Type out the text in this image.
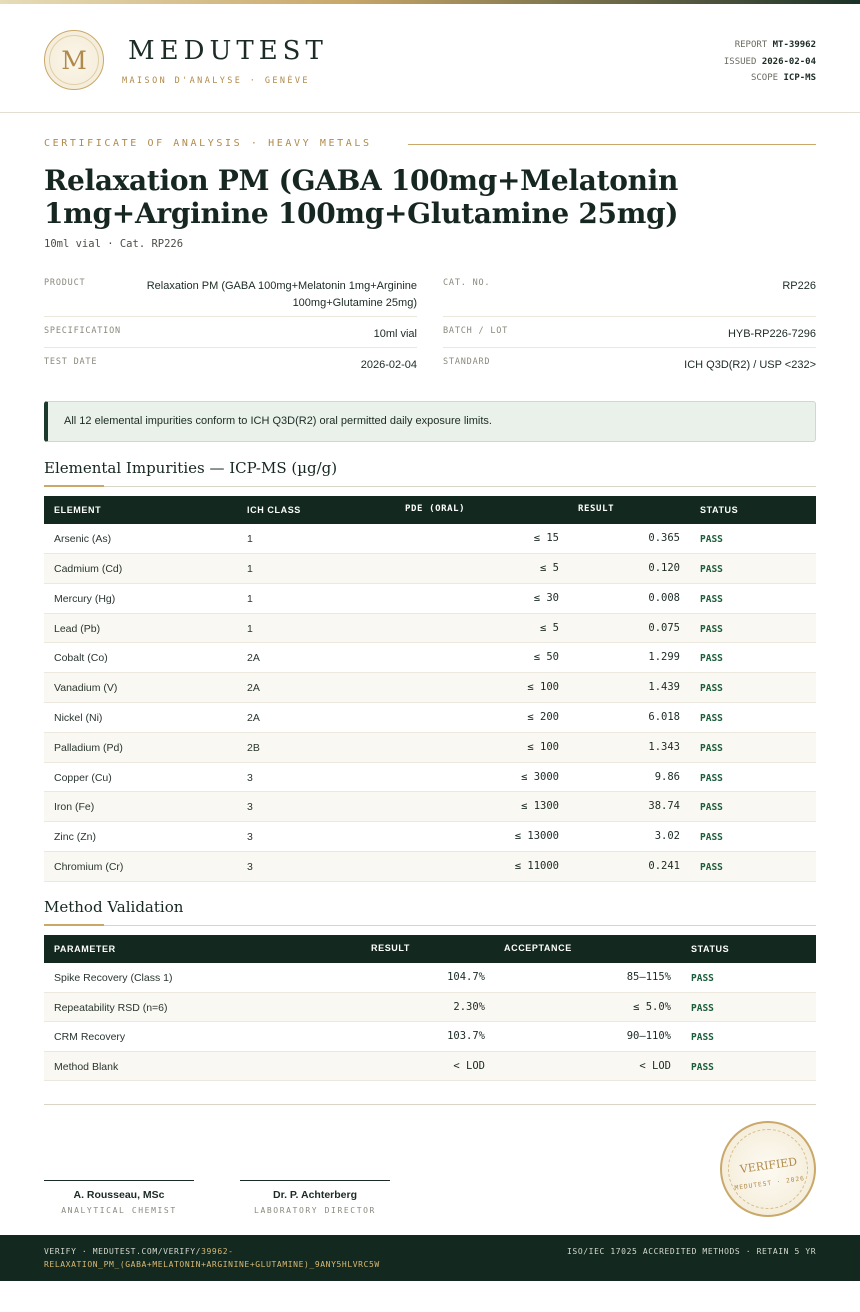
M MEDUTEST
MAISON D'ANALYSE · GENÈVE
REPORT MT-39962
ISSUED 2026-02-04
SCOPE ICP-MS
CERTIFICATE OF ANALYSIS · HEAVY METALS
Relaxation PM (GABA 100mg+Melatonin 1mg+Arginine 100mg+Glutamine 25mg)
10ml vial · Cat. RP226
PRODUCT	Relaxation PM (GABA 100mg+Melatonin 1mg+Arginine 100mg+Glutamine 25mg)
CAT. NO.	RP226
SPECIFICATION	10ml vial	BATCH / LOT	HYB-RP226-7296
TEST DATE	2026-02-04	STANDARD	ICH Q3D(R2) / USP <232>
All 12 elemental impurities conform to ICH Q3D(R2) oral permitted daily exposure limits.
Elemental Impurities — ICP-MS (µg/g)
ELEMENT	ICH CLASS	PDE (ORAL)	RESULT	STATUS
Arsenic (As)	1	≤ 15	0.365 PASS
Cadmium (Cd)	1	≤ 5	0.120 PASS
Mercury (Hg)	1	≤ 30	0.008 PASS
Lead (Pb)	1	≤ 5	0.075 PASS
Cobalt (Co)	2A	≤ 50	1.299 PASS
Vanadium (V)	2A	≤ 100	1.439 PASS
Nickel (Ni)	2A	≤ 200	6.018 PASS
Palladium (Pd)	2B	≤ 100	1.343 PASS
Copper (Cu)	3	≤ 3000	9.86 PASS
Iron (Fe)	3	≤ 1300	38.74 PASS
Zinc (Zn)	3	≤ 13000	3.02 PASS
Chromium (Cr)	3	≤ 11000	0.241 PASS
Method Validation
PARAMETER	RESULT	ACCEPTANCE	STATUS
Spike Recovery (Class 1)	104.7%	85–115% PASS
Repeatability RSD (n=6)	2.30%	≤ 5.0% PASS
CRM Recovery	103.7%	90–110% PASS
Method Blank	< LOD	< LOD PASS
A. Rousseau, MSc
ANALYTICAL CHEMIST
Dr. P. Achterberg
LABORATORY DIRECTOR
VERIFIED
MEDUTEST · 2026
VERIFY · MEDUTEST.COM/VERIFY/39962-RELAXATION_PM_(GABA+MELATONIN+ARGININE+GLUTAMINE)_9ANY5HLVRC5W
ISO/IEC 17025 ACCREDITED METHODS · RETAIN 5 YR
